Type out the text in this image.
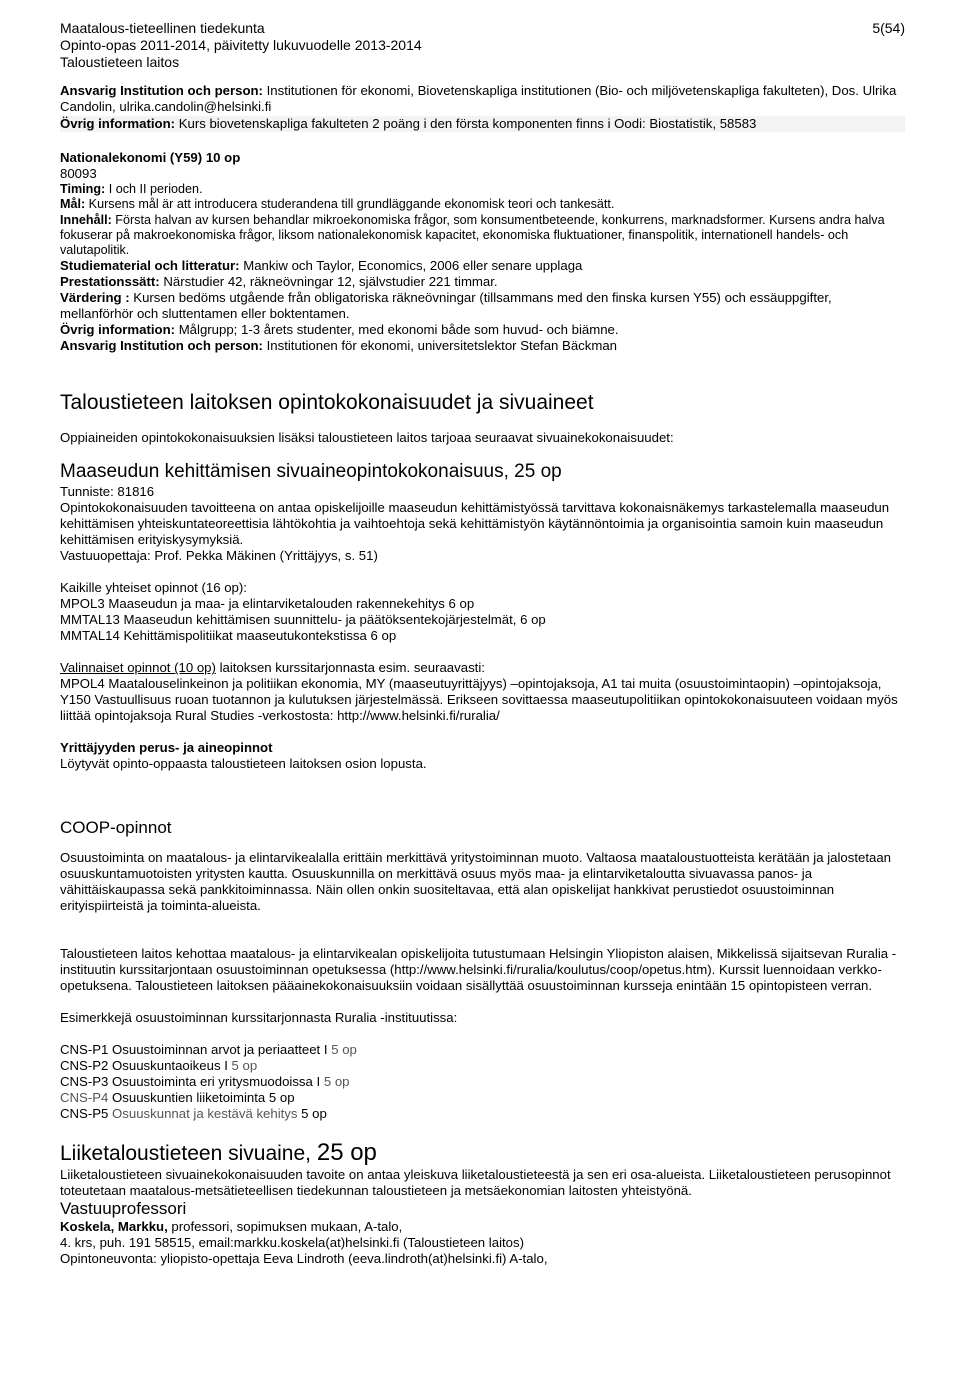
5(54)
Maatalous-tieteellinen tiedekunta
Opinto-opas 2011-2014, päivitetty lukuvuodelle 2013-2014
Taloustieteen laitos

Ansvarig Institution och person: Institutionen för ekonomi, Biovetenskapliga institutionen (Bio- och miljövetenskapliga fakulteten), Dos. Ulrika Candolin, ulrika.candolin@helsinki.fi

Övrig information: Kurs biovetenskapliga fakulteten 2 poäng i den första komponenten finns i Oodi: Biostatistik, 58583

Nationalekonomi (Y59) 10 op

80093

Timing: I och II perioden.

Mål: Kursens mål är att introducera studerandena till grundläggande ekonomisk teori och tankesätt.

Innehåll: Första halvan av kursen behandlar mikroekonomiska frågor, som konsumentbeteende, konkurrens, marknadsformer. Kursens andra halva fokuserar på makroekonomiska frågor, liksom nationalekonomisk kapacitet, ekonomiska fluktuationer, finanspolitik, internationell handels- och valutapolitik.

Studiematerial och litteratur: Mankiw och Taylor, Economics, 2006 eller senare upplaga

Prestationssätt: Närstudier 42, räkneövningar 12, självstudier 221 timmar.

Värdering : Kursen bedöms utgående från obligatoriska räkneövningar (tillsammans med den finska kursen Y55) och essäuppgifter, mellanförhör och sluttentamen eller boktentamen.

Övrig information: Målgrupp; 1-3 årets studenter, med ekonomi både som huvud- och biämne.

Ansvarig Institution och person: Institutionen för ekonomi, universitetslektor Stefan Bäckman

Taloustieteen laitoksen opintokokonaisuudet ja sivuaineet

Oppiaineiden opintokokonaisuuksien lisäksi taloustieteen laitos tarjoaa seuraavat sivuainekokonaisuudet:

Maaseudun kehittämisen sivuaineopintokokonaisuus, 25 op

Tunniste: 81816

Opintokokonaisuuden tavoitteena on antaa opiskelijoille maaseudun kehittämistyössä tarvittava kokonaisnäkemys tarkastelemalla maaseudun kehittämisen yhteiskuntateoreettisia lähtökohtia ja vaihtoehtoja sekä kehittämistyön käytännöntoimia ja organisointia samoin kuin maaseudun kehittämisen erityiskysymyksiä.

Vastuuopettaja: Prof. Pekka Mäkinen (Yrittäjyys, s. 51)

Kaikille yhteiset opinnot (16 op):

MPOL3 Maaseudun ja maa- ja elintarviketalouden rakennekehitys 6 op

MMTAL13 Maaseudun kehittämisen suunnittelu- ja päätöksentekojärjestelmät, 6 op

MMTAL14 Kehittämispolitiikat maaseutukontekstissa 6 op

Valinnaiset opinnot (10 op) laitoksen kurssitarjonnasta esim. seuraavasti:

MPOL4 Maatalouselinkeinon ja politiikan ekonomia, MY (maaseutuyrittäjyys) –opintojaksoja, A1 tai muita (osuustoimintaopin) –opintojaksoja, Y150 Vastuullisuus ruoan tuotannon ja kulutuksen järjestelmässä. Erikseen sovittaessa maaseutupolitiikan opintokokonaisuuteen voidaan myös liittää opintojaksoja Rural Studies -verkostosta: http://www.helsinki.fi/ruralia/

Yrittäjyyden perus- ja aineopinnot

Löytyvät opinto-oppaasta taloustieteen laitoksen osion lopusta.

COOP-opinnot

Osuustoiminta on maatalous- ja elintarvikealalla erittäin merkittävä yritystoiminnan muoto. Valtaosa maataloustuotteista kerätään ja jalostetaan osuuskuntamuotoisten yritysten kautta. Osuuskunnilla on merkittävä osuus myös maa- ja elintarviketaloutta sivuavassa panos- ja vähittäiskaupassa sekä pankkitoiminnassa. Näin ollen onkin suositeltavaa, että alan opiskelijat hankkivat perustiedot osuustoiminnan erityispiirteistä ja toiminta-alueista.

Taloustieteen laitos kehottaa maatalous- ja elintarvikealan opiskelijoita tutustumaan Helsingin Yliopiston alaisen, Mikkelissä sijaitsevan Ruralia -instituutin kurssitarjontaan osuustoiminnan opetuksessa (http://www.helsinki.fi/ruralia/koulutus/coop/opetus.htm). Kurssit luennoidaan verkko-opetuksena. Taloustieteen laitoksen pääainekokonaisuuksiin voidaan sisällyttää osuustoiminnan kursseja enintään 15 opintopisteen verran.

Esimerkkejä osuustoiminnan kurssitarjonnasta Ruralia -instituutissa:

CNS-P1 Osuustoiminnan arvot ja periaatteet I 5 op

CNS-P2 Osuuskuntaoikeus I 5 op

CNS-P3 Osuustoiminta eri yritysmuodoissa I 5 op

CNS-P4 Osuuskuntien liiketoiminta 5 op

CNS-P5 Osuuskunnat ja kestävä kehitys 5 op

Liiketaloustieteen sivuaine, 25 op

Liiketaloustieteen sivuainekokonaisuuden tavoite on antaa yleiskuva liiketaloustieteestä ja sen eri osa-alueista. Liiketaloustieteen perusopinnot toteutetaan maatalous-metsätieteellisen tiedekunnan taloustieteen ja metsäekonomian laitosten yhteistyönä.

Vastuuprofessori

Koskela, Markku, professori, sopimuksen mukaan, A-talo,

4. krs, puh. 191 58515, email:markku.koskela(at)helsinki.fi (Taloustieteen laitos)

Opintoneuvonta: yliopisto-opettaja Eeva Lindroth (eeva.lindroth(at)helsinki.fi) A-talo,
